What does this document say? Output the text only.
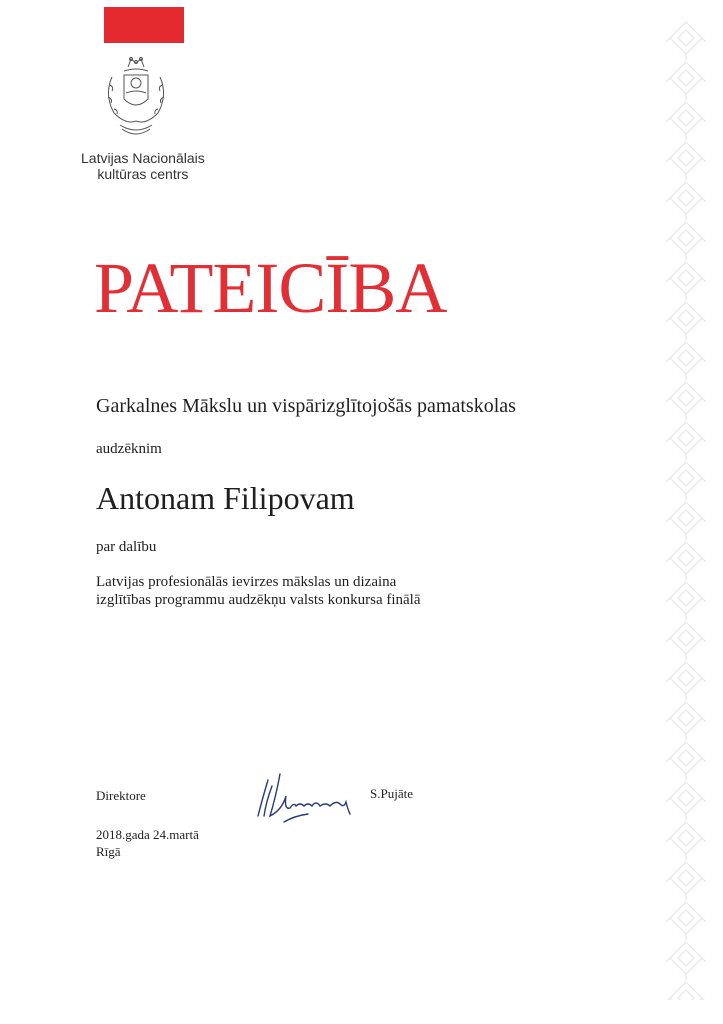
Latvijas Nacionālais
kultūras centrs
PATEICĪBA
Garkalnes Mākslu un vispārizglītojošās pamatskolas
audzēknim
Antonam Filipovam
par dalību
Latvijas profesionālās ievirzes mākslas un dizaina
izglītības programmu audzēkņu valsts konkursa finālā
Direktore	S.Pujāte
2018.gada 24.martā
Rīgā
